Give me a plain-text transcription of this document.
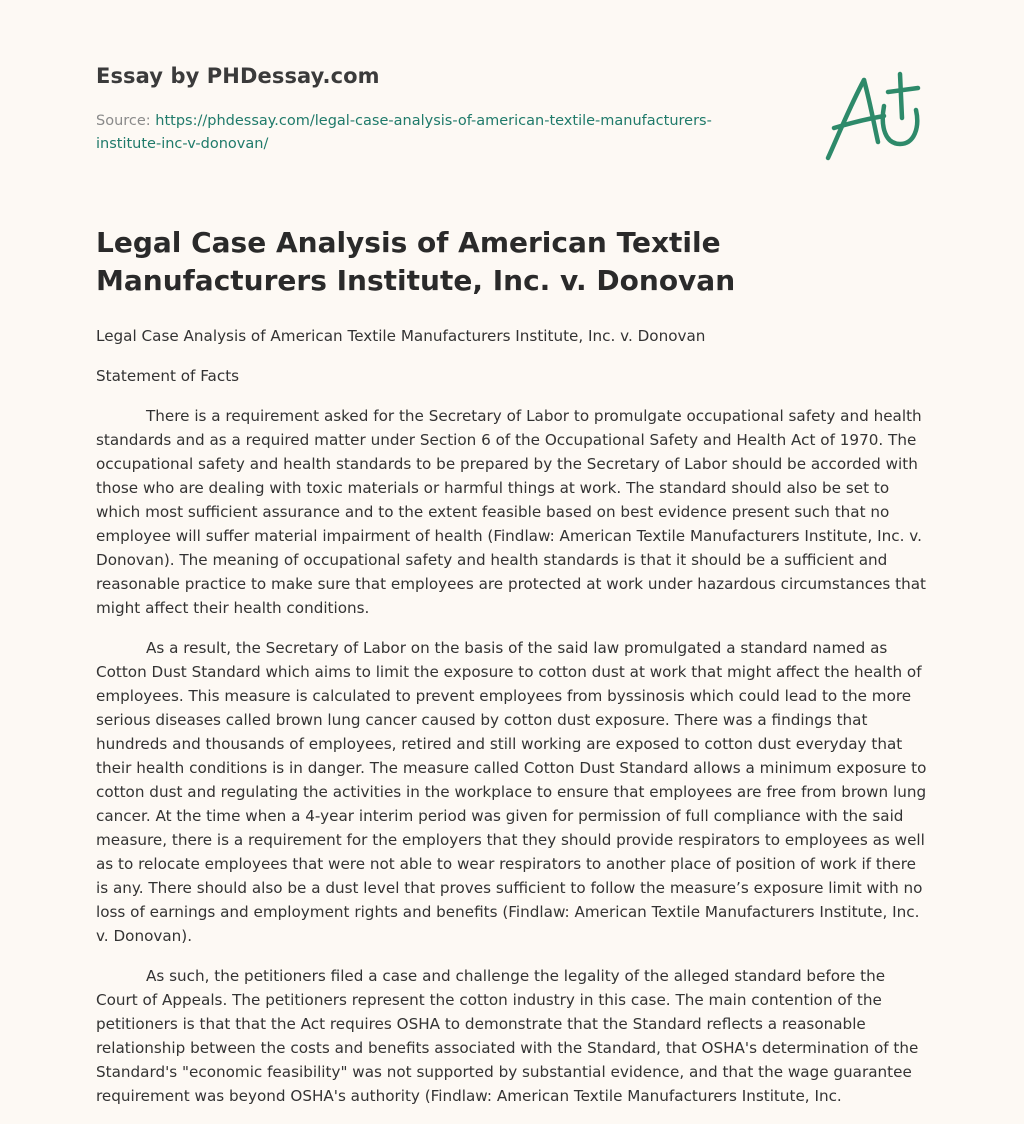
Essay by PHDessay.com
Source: https://phdessay.com/legal-case-analysis-of-american-textile-manufacturers-institute-inc-v-donovan/
Legal Case Analysis of American Textile Manufacturers Institute, Inc. v. Donovan

Legal Case Analysis of American Textile Manufacturers Institute, Inc. v. Donovan

Statement of Facts

There is a requirement asked for the Secretary of Labor to promulgate occupational safety and health standards and as a required matter under Section 6 of the Occupational Safety and Health Act of 1970. The occupational safety and health standards to be prepared by the Secretary of Labor should be accorded with those who are dealing with toxic materials or harmful things at work. The standard should also be set to which most sufficient assurance and to the extent feasible based on best evidence present such that no employee will suffer material impairment of health (Findlaw: American Textile Manufacturers Institute, Inc. v. Donovan). The meaning of occupational safety and health standards is that it should be a sufficient and reasonable practice to make sure that employees are protected at work under hazardous circumstances that might affect their health conditions.

As a result, the Secretary of Labor on the basis of the said law promulgated a standard named as Cotton Dust Standard which aims to limit the exposure to cotton dust at work that might affect the health of employees. This measure is calculated to prevent employees from byssinosis which could lead to the more serious diseases called brown lung cancer caused by cotton dust exposure. There was a findings that hundreds and thousands of employees, retired and still working are exposed to cotton dust everyday that their health conditions is in danger. The measure called Cotton Dust Standard allows a minimum exposure to cotton dust and regulating the activities in the workplace to ensure that employees are free from brown lung cancer. At the time when a 4-year interim period was given for permission of full compliance with the said measure, there is a requirement for the employers that they should provide respirators to employees as well as to relocate employees that were not able to wear respirators to another place of position of work if there is any. There should also be a dust level that proves sufficient to follow the measure’s exposure limit with no loss of earnings and employment rights and benefits (Findlaw: American Textile Manufacturers Institute, Inc. v. Donovan).

As such, the petitioners filed a case and challenge the legality of the alleged standard before the Court of Appeals. The petitioners represent the cotton industry in this case. The main contention of the petitioners is that that the Act requires OSHA to demonstrate that the Standard reflects a reasonable relationship between the costs and benefits associated with the Standard, that OSHA's determination of the Standard's "economic feasibility" was not supported by substantial evidence, and that the wage guarantee requirement was beyond OSHA's authority (Findlaw: American Textile Manufacturers Institute, Inc.
